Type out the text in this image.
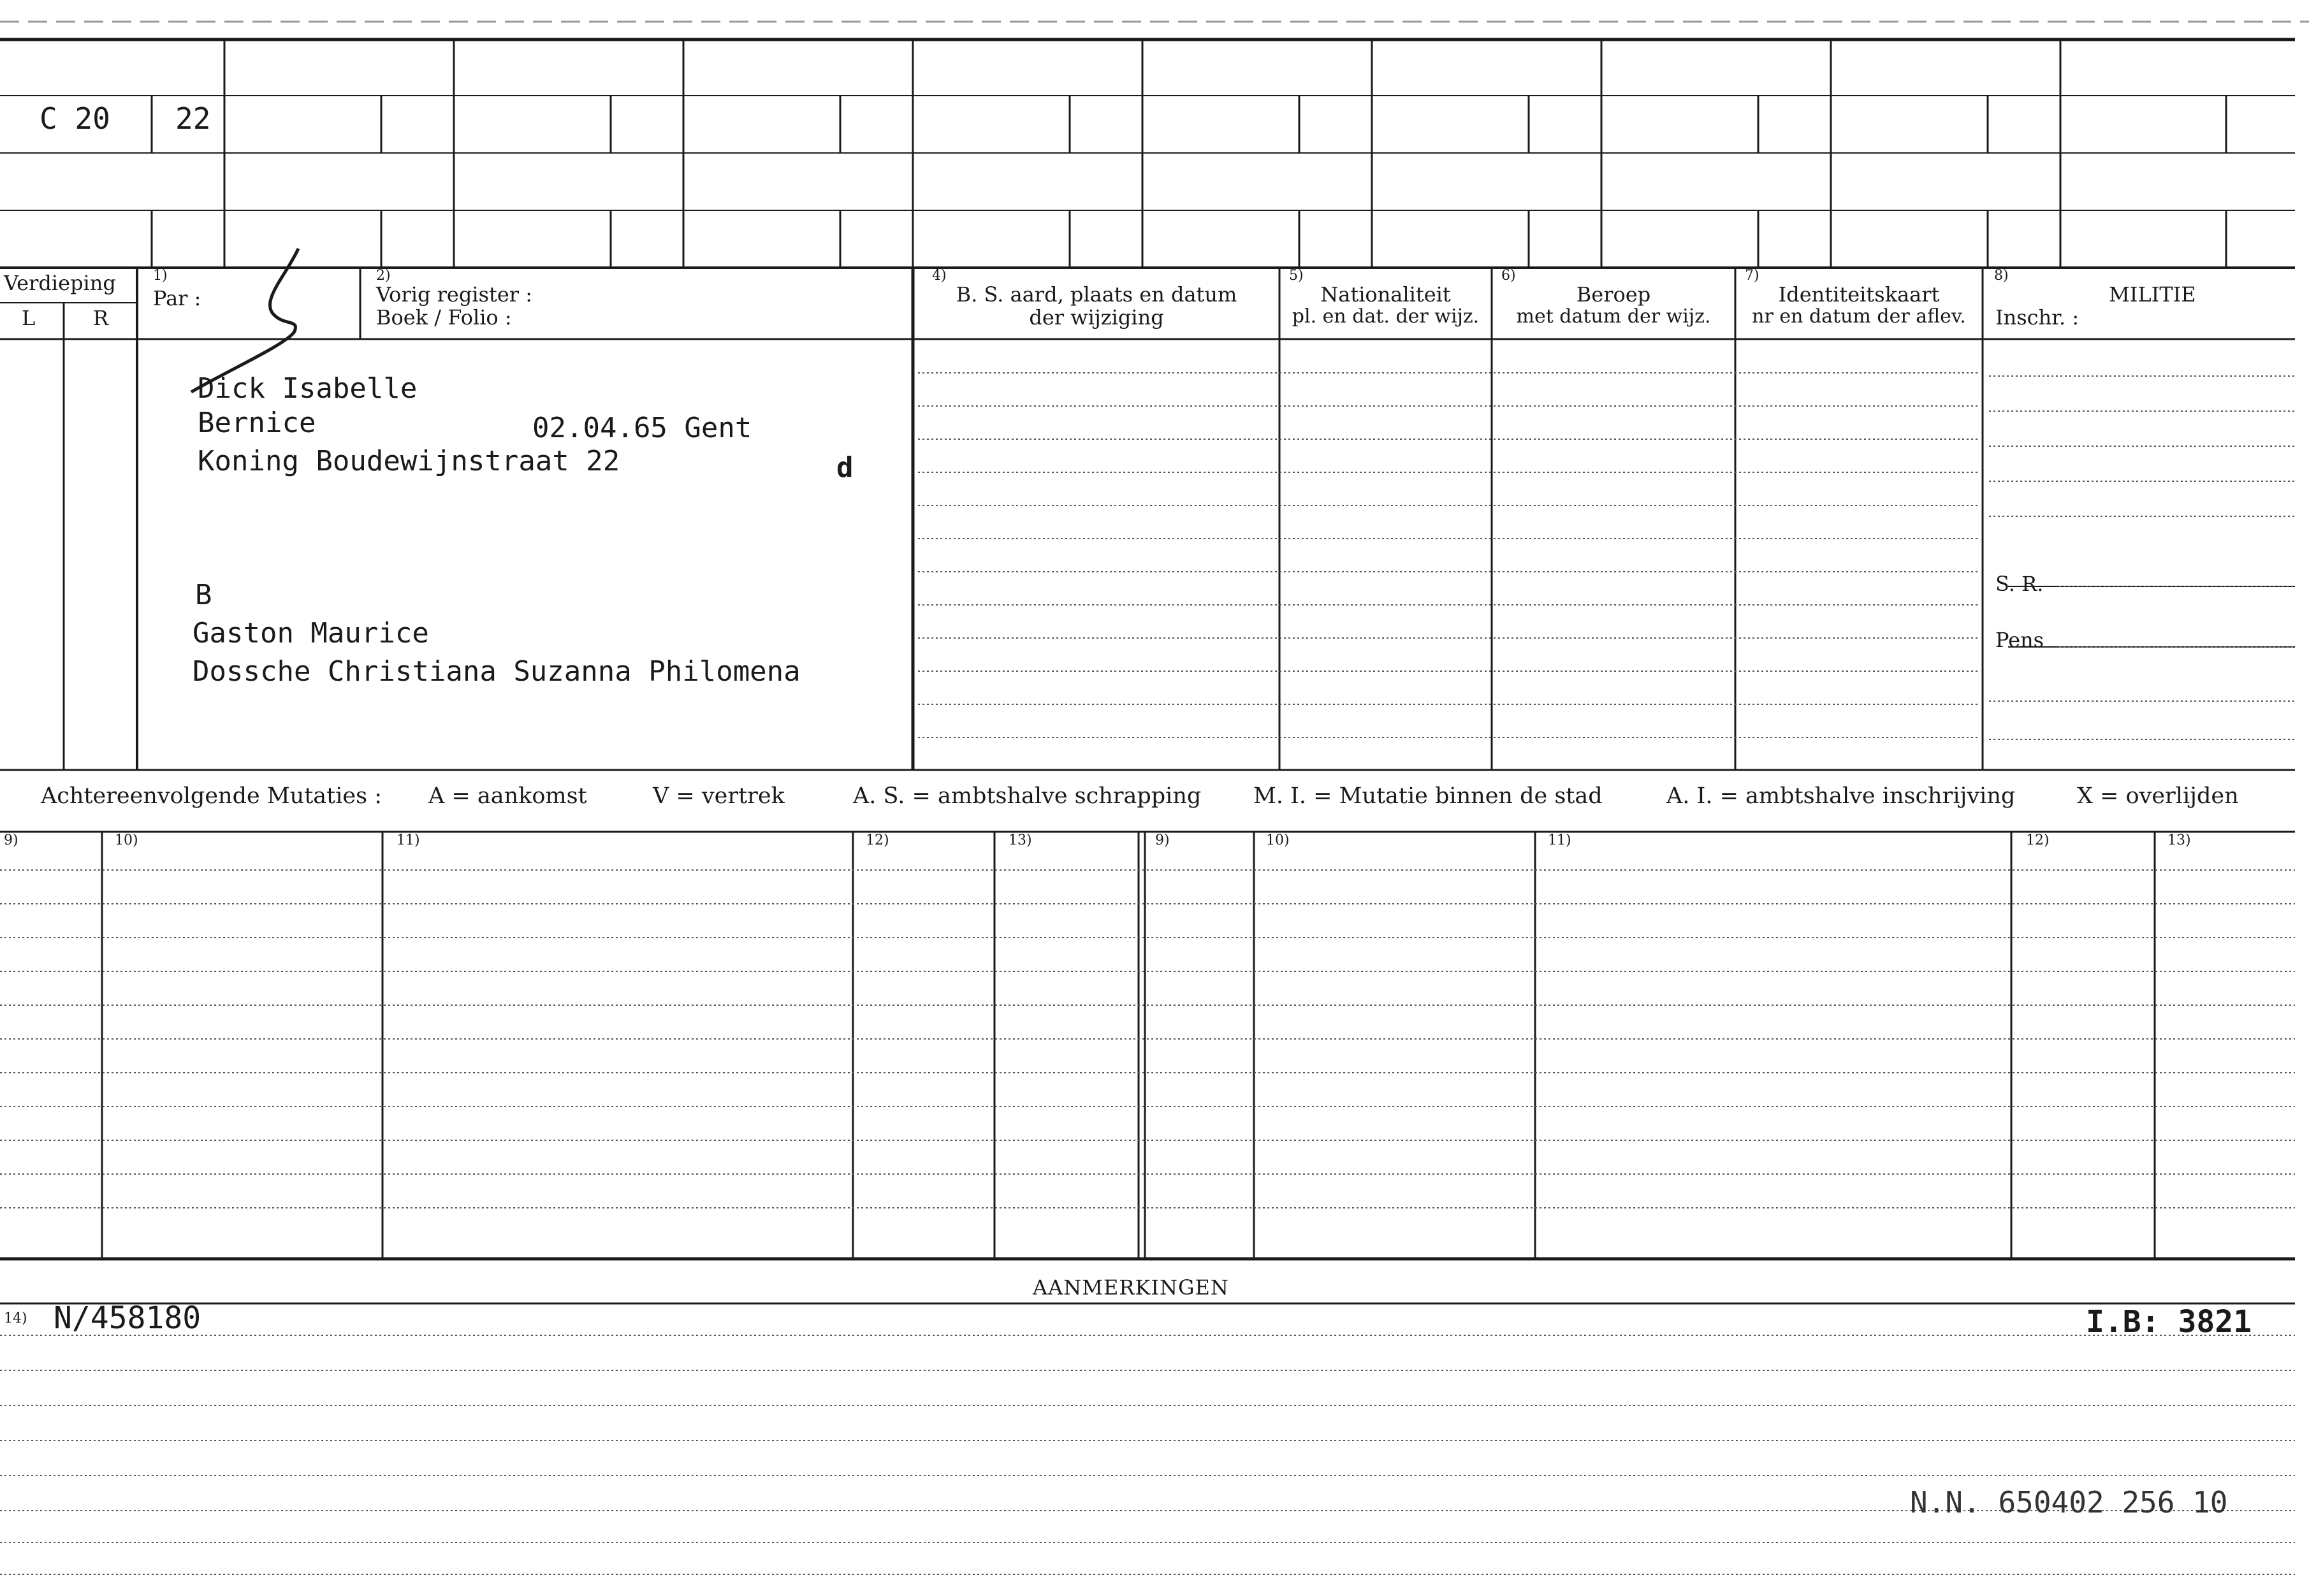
C 20 22
Verdieping
L	R
1)
Par :
2)
Vorig register :
Boek / Folio :
4)
B. S. aard, plaats en datum
der wijziging
5)
Nationaliteit
pl. en dat. der wijz.
6)
Beroep
met datum der wijz.
7)
Identiteitskaart
nr en datum der aflev.
8)
MILITIE
Inschr. :
S. R.
Pens
Dick Isabelle
Bernice	02.04.65 Gent
Koning Boudewijnstraat 22	d
B
Gaston Maurice
Dossche Christiana Suzanna Philomena
Achtereenvolgende Mutaties : A = aankomst	V = vertrek	A. S. = ambtshalve schrapping M. I. = Mutatie binnen de stad	A. I. = ambtshalve inschrijving	X = overlijden
9)	10)	11)	12)	13)	9)	10)	11)	12)	13)
AANMERKINGEN
14) N/458180	I.B: 3821
N.N. 650402 256 10
